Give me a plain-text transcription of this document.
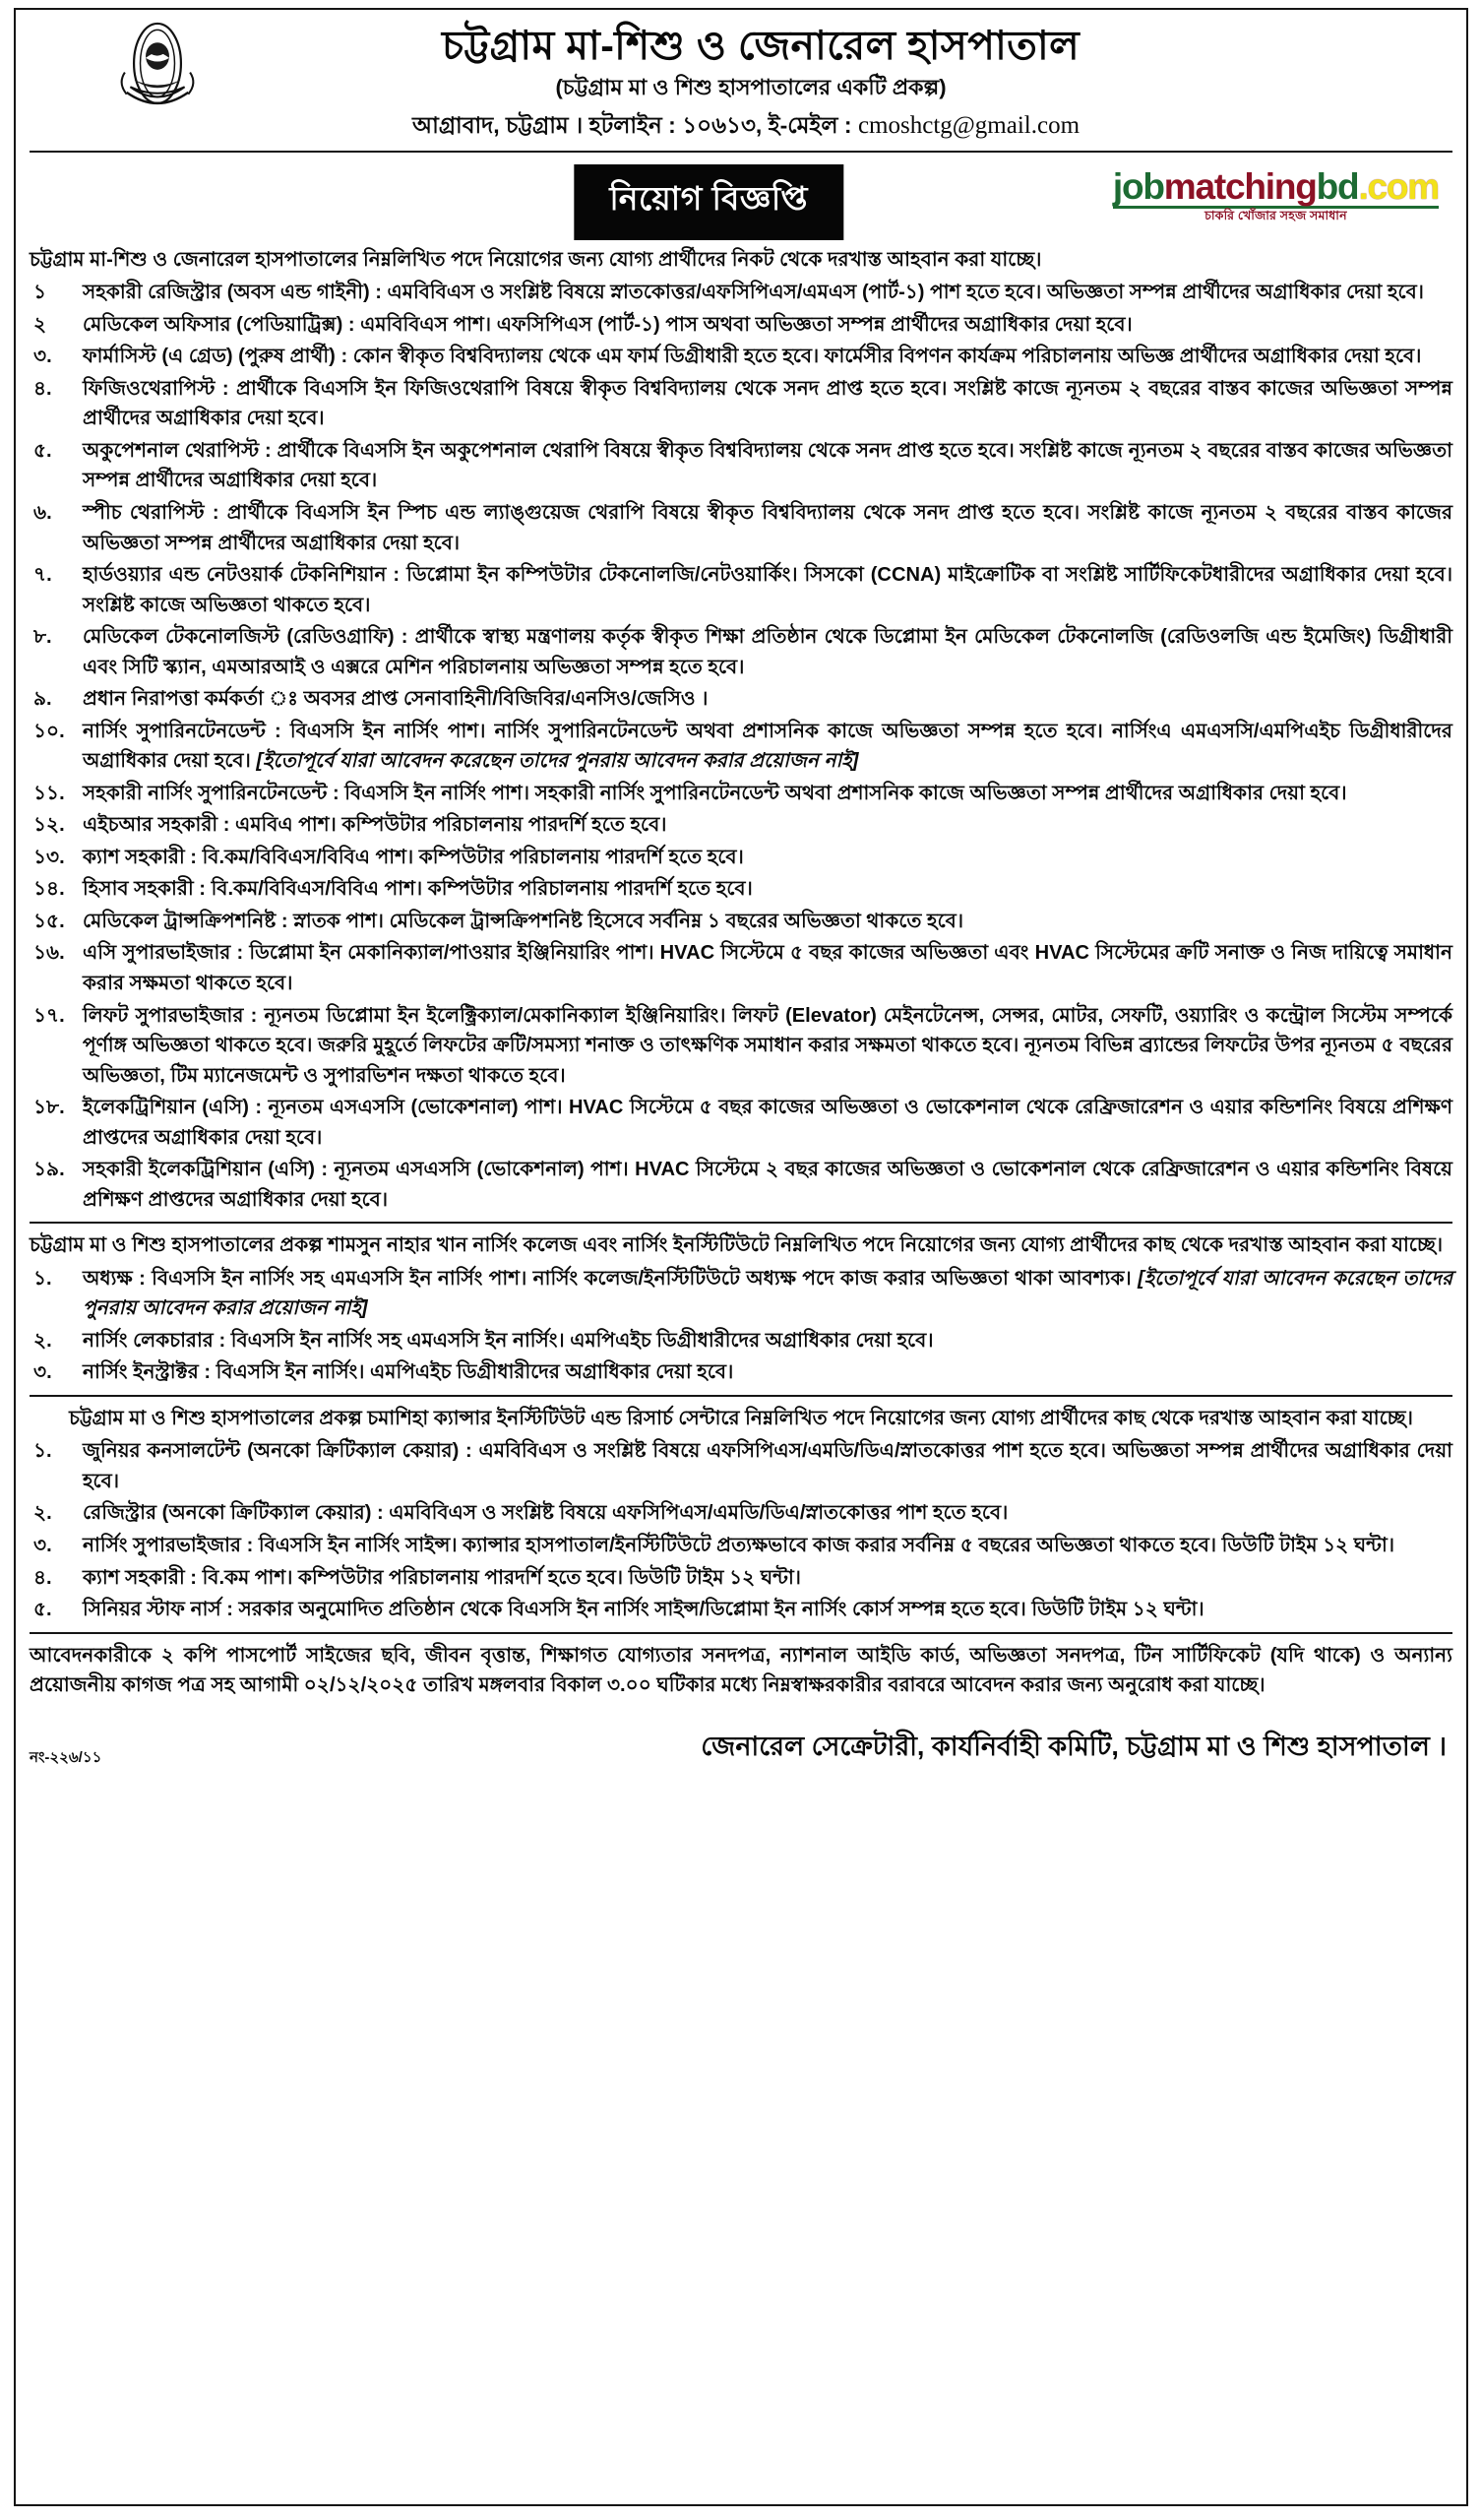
চট্টগ্রাম মা-শিশু ও জেনারেল হাসপাতাল
(চট্টগ্রাম মা ও শিশু হাসপাতালের একটি প্রকল্প)
আগ্রাবাদ, চট্টগ্রাম । হটলাইন : ১০৬১৩, ই-মেইল : cmoshctg@gmail.com
নিয়োগ বিজ্ঞপ্তি	jobmatchingbd.com
চাকরি খোঁজার সহজ সমাধান

চট্টগ্রাম মা-শিশু ও জেনারেল হাসপাতালের নিম্নলিখিত পদে নিয়োগের জন্য যোগ্য প্রার্থীদের নিকট থেকে দরখাস্ত আহবান করা যাচ্ছে।

১	সহকারী রেজিস্ট্রার (অবস এন্ড গাইনী) : এমবিবিএস ও সংশ্লিষ্ট বিষয়ে স্নাতকোত্তর/এফসিপিএস/এমএস (পার্ট-১) পাশ হতে হবে। অভিজ্ঞতা সম্পন্ন প্রার্থীদের অগ্রাধিকার দেয়া হবে।
২	মেডিকেল অফিসার (পেডিয়াট্রিক্স) : এমবিবিএস পাশ। এফসিপিএস (পার্ট-১) পাস অথবা অভিজ্ঞতা সম্পন্ন প্রার্থীদের অগ্রাধিকার দেয়া হবে।
৩.	ফার্মাসিস্ট (এ গ্রেড) (পুরুষ প্রার্থী) : কোন স্বীকৃত বিশ্ববিদ্যালয় থেকে এম ফার্ম ডিগ্রীধারী হতে হবে। ফার্মেসীর বিপণন কার্যক্রম পরিচালনায় অভিজ্ঞ প্রার্থীদের অগ্রাধিকার দেয়া হবে।
৪.	ফিজিওথেরাপিস্ট : প্রার্থীকে বিএসসি ইন ফিজিওথেরাপি বিষয়ে স্বীকৃত বিশ্ববিদ্যালয় থেকে সনদ প্রাপ্ত হতে হবে। সংশ্লিষ্ট কাজে ন্যূনতম ২ বছরের বাস্তব কাজের অভিজ্ঞতা সম্পন্ন প্রার্থীদের অগ্রাধিকার দেয়া হবে।
৫.	অকুপেশনাল থেরাপিস্ট : প্রার্থীকে বিএসসি ইন অকুপেশনাল থেরাপি বিষয়ে স্বীকৃত বিশ্ববিদ্যালয় থেকে সনদ প্রাপ্ত হতে হবে। সংশ্লিষ্ট কাজে ন্যূনতম ২ বছরের বাস্তব কাজের অভিজ্ঞতা সম্পন্ন প্রার্থীদের অগ্রাধিকার দেয়া হবে।
৬.	স্পীচ থেরাপিস্ট : প্রার্থীকে বিএসসি ইন স্পিচ এন্ড ল্যাঙ্গুয়েজ থেরাপি বিষয়ে স্বীকৃত বিশ্ববিদ্যালয় থেকে সনদ প্রাপ্ত হতে হবে। সংশ্লিষ্ট কাজে ন্যূনতম ২ বছরের বাস্তব কাজের অভিজ্ঞতা সম্পন্ন প্রার্থীদের অগ্রাধিকার দেয়া হবে।
৭.	হার্ডওয়্যার এন্ড নেটওয়ার্ক টেকনিশিয়ান : ডিপ্লোমা ইন কম্পিউটার টেকনোলজি/নেটওয়ার্কিং। সিসকো (CCNA) মাইক্রোটিক বা সংশ্লিষ্ট সার্টিফিকেটধারীদের অগ্রাধিকার দেয়া হবে। সংশ্লিষ্ট কাজে অভিজ্ঞতা থাকতে হবে।
৮.	মেডিকেল টেকনোলজিস্ট (রেডিওগ্রাফি) : প্রার্থীকে স্বাস্থ্য মন্ত্রণালয় কর্তৃক স্বীকৃত শিক্ষা প্রতিষ্ঠান থেকে ডিপ্লোমা ইন মেডিকেল টেকনোলজি (রেডিওলজি এন্ড ইমেজিং) ডিগ্রীধারী এবং সিটি স্ক্যান, এমআরআই ও এক্সরে মেশিন পরিচালনায় অভিজ্ঞতা সম্পন্ন হতে হবে।
৯.	প্রধান নিরাপত্তা কর্মকর্তা ঃ অবসর প্রাপ্ত সেনাবাহিনী/বিজিবির/এনসিও/জেসিও ।
১০. নার্সিং সুপারিনটেনডেন্ট : বিএসসি ইন নার্সিং পাশ। নার্সিং সুপারিনটেনডেন্ট অথবা প্রশাসনিক কাজে অভিজ্ঞতা সম্পন্ন হতে হবে। নার্সিংএ এমএসসি/এমপিএইচ ডিগ্রীধারীদের অগ্রাধিকার দেয়া হবে। [ইতোপূর্বে যারা আবেদন করেছেন তাদের পুনরায় আবেদন করার প্রয়োজন নাই]
১১. সহকারী নার্সিং সুপারিনটেনডেন্ট : বিএসসি ইন নার্সিং পাশ। সহকারী নার্সিং সুপারিনটেনডেন্ট অথবা প্রশাসনিক কাজে অভিজ্ঞতা সম্পন্ন প্রার্থীদের অগ্রাধিকার দেয়া হবে।
১২. এইচআর সহকারী : এমবিএ পাশ। কম্পিউটার পরিচালনায় পারদর্শি হতে হবে।
১৩. ক্যাশ সহকারী : বি.কম/বিবিএস/বিবিএ পাশ। কম্পিউটার পরিচালনায় পারদর্শি হতে হবে।
১৪. হিসাব সহকারী : বি.কম/বিবিএস/বিবিএ পাশ। কম্পিউটার পরিচালনায় পারদর্শি হতে হবে।
১৫. মেডিকেল ট্রান্সক্রিপশনিষ্ট : স্নাতক পাশ। মেডিকেল ট্রান্সক্রিপশনিষ্ট হিসেবে সর্বনিম্ন ১ বছরের অভিজ্ঞতা থাকতে হবে।
১৬. এসি সুপারভাইজার : ডিপ্লোমা ইন মেকানিক্যাল/পাওয়ার ইঞ্জিনিয়ারিং পাশ। HVAC সিস্টেমে ৫ বছর কাজের অভিজ্ঞতা এবং HVAC সিস্টেমের ক্রটি সনাক্ত ও নিজ দায়িত্বে সমাধান করার সক্ষমতা থাকতে হবে।
১৭. লিফট সুপারভাইজার : ন্যূনতম ডিপ্লোমা ইন ইলেক্ট্রিক্যাল/মেকানিক্যাল ইঞ্জিনিয়ারিং। লিফট (Elevator) মেইনটেনেন্স, সেন্সর, মোটর, সেফটি, ওয়্যারিং ও কন্ট্রোল সিস্টেম সম্পর্কে পূর্ণাঙ্গ অভিজ্ঞতা থাকতে হবে। জরুরি মুহূর্তে লিফটের ক্রটি/সমস্যা শনাক্ত ও তাৎক্ষণিক সমাধান করার সক্ষমতা থাকতে হবে। ন্যূনতম বিভিন্ন ব্র্যান্ডের লিফটের উপর ন্যূনতম ৫ বছরের অভিজ্ঞতা, টিম ম্যানেজমেন্ট ও সুপারভিশন দক্ষতা থাকতে হবে।
১৮. ইলেকট্রিশিয়ান (এসি) : ন্যূনতম এসএসসি (ভোকেশনাল) পাশ। HVAC সিস্টেমে ৫ বছর কাজের অভিজ্ঞতা ও ভোকেশনাল থেকে রেফ্রিজারেশন ও এয়ার কন্ডিশনিং বিষয়ে প্রশিক্ষণ প্রাপ্তদের অগ্রাধিকার দেয়া হবে।
১৯. সহকারী ইলেকট্রিশিয়ান (এসি) : ন্যূনতম এসএসসি (ভোকেশনাল) পাশ। HVAC সিস্টেমে ২ বছর কাজের অভিজ্ঞতা ও ভোকেশনাল থেকে রেফ্রিজারেশন ও এয়ার কন্ডিশনিং বিষয়ে প্রশিক্ষণ প্রাপ্তদের অগ্রাধিকার দেয়া হবে।

চট্টগ্রাম মা ও শিশু হাসপাতালের প্রকল্প শামসুন নাহার খান নার্সিং কলেজ এবং নার্সিং ইনস্টিটিউটে নিম্নলিখিত পদে নিয়োগের জন্য যোগ্য প্রার্থীদের কাছ থেকে দরখাস্ত আহবান করা যাচ্ছে।

১.	অধ্যক্ষ : বিএসসি ইন নার্সিং সহ এমএসসি ইন নার্সিং পাশ। নার্সিং কলেজ/ইনস্টিটিউটে অধ্যক্ষ পদে কাজ করার অভিজ্ঞতা থাকা আবশ্যক। [ইতোপূর্বে যারা আবেদন করেছেন তাদের পুনরায় আবেদন করার প্রয়োজন নাই]
২.	নার্সিং লেকচারার : বিএসসি ইন নার্সিং সহ এমএসসি ইন নার্সিং। এমপিএইচ ডিগ্রীধারীদের অগ্রাধিকার দেয়া হবে।
৩.	নার্সিং ইনস্ট্রাক্টর : বিএসসি ইন নার্সিং। এমপিএইচ ডিগ্রীধারীদের অগ্রাধিকার দেয়া হবে।

চট্টগ্রাম মা ও শিশু হাসপাতালের প্রকল্প চমাশিহা ক্যান্সার ইনস্টিটিউট এন্ড রিসার্চ সেন্টারে নিম্নলিখিত পদে নিয়োগের জন্য যোগ্য প্রার্থীদের কাছ থেকে দরখাস্ত আহবান করা যাচ্ছে।

১.	জুনিয়র কনসালটেন্ট (অনকো ক্রিটিক্যাল কেয়ার) : এমবিবিএস ও সংশ্লিষ্ট বিষয়ে এফসিপিএস/এমডি/ডিএ/স্নাতকোত্তর পাশ হতে হবে। অভিজ্ঞতা সম্পন্ন প্রার্থীদের অগ্রাধিকার দেয়া হবে।
২.	রেজিস্ট্রার (অনকো ক্রিটিক্যাল কেয়ার) : এমবিবিএস ও সংশ্লিষ্ট বিষয়ে এফসিপিএস/এমডি/ডিএ/স্নাতকোত্তর পাশ হতে হবে।
৩.	নার্সিং সুপারভাইজার : বিএসসি ইন নার্সিং সাইন্স। ক্যান্সার হাসপাতাল/ইনস্টিটিউটে প্রত্যক্ষভাবে কাজ করার সর্বনিম্ন ৫ বছরের অভিজ্ঞতা থাকতে হবে। ডিউটি টাইম ১২ ঘন্টা।
৪.	ক্যাশ সহকারী : বি.কম পাশ। কম্পিউটার পরিচালনায় পারদর্শি হতে হবে। ডিউটি টাইম ১২ ঘন্টা।
৫.	সিনিয়র স্টাফ নার্স : সরকার অনুমোদিত প্রতিষ্ঠান থেকে বিএসসি ইন নার্সিং সাইন্স/ডিপ্লোমা ইন নার্সিং কোর্স সম্পন্ন হতে হবে। ডিউটি টাইম ১২ ঘন্টা।

আবেদনকারীকে ২ কপি পাসপোর্ট সাইজের ছবি, জীবন বৃত্তান্ত, শিক্ষাগত যোগ্যতার সনদপত্র, ন্যাশনাল আইডি কার্ড, অভিজ্ঞতা সনদপত্র, টিন সার্টিফিকেট (যদি থাকে) ও অন্যান্য প্রয়োজনীয় কাগজ পত্র সহ আগামী ০২/১২/২০২৫ তারিখ মঙ্গলবার বিকাল ৩.০০ ঘটিকার মধ্যে নিম্নস্বাক্ষরকারীর বরাবরে আবেদন করার জন্য অনুরোধ করা যাচ্ছে।

নং-২২৬/১১	জেনারেল সেক্রেটারী, কার্যনির্বাহী কমিটি, চট্টগ্রাম মা ও শিশু হাসপাতাল ।
